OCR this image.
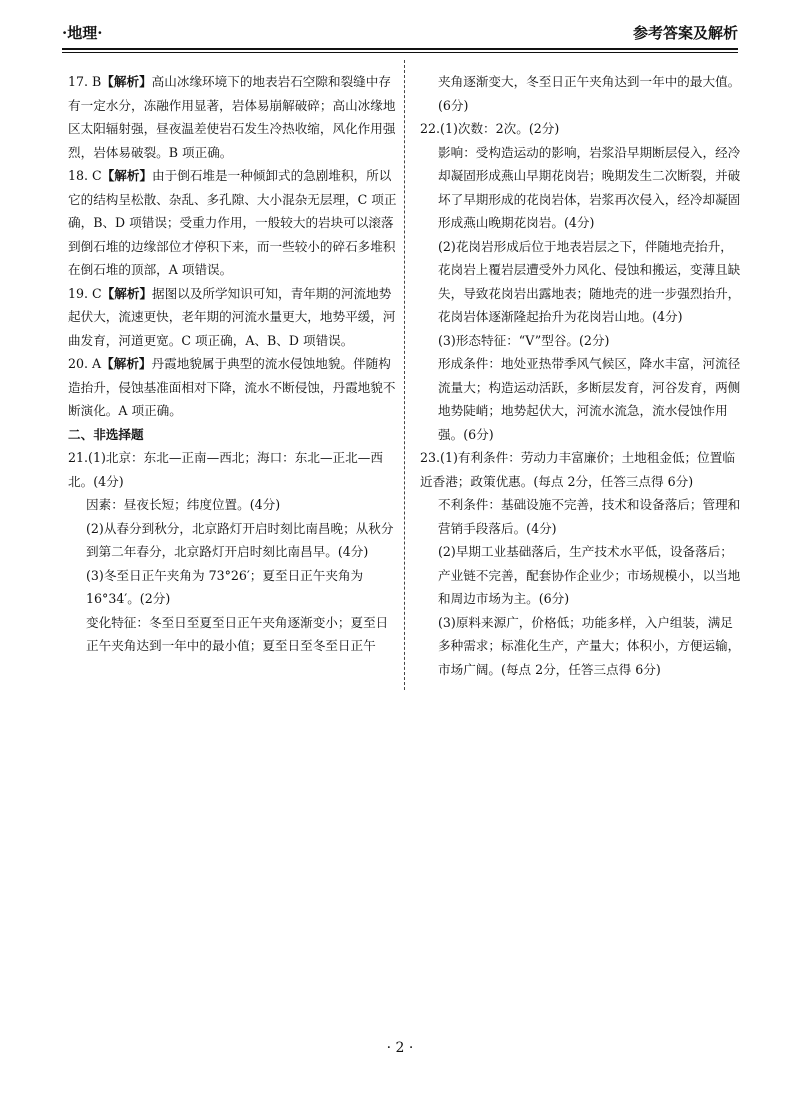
·地理·	参考答案及解析

17. B【解析】高山冰缘环境下的地表岩石空隙和裂缝中存有一定水分，冻融作用显著，岩体易崩解破碎；高山冰缘地区太阳辐射强，昼夜温差使岩石发生冷热收缩，风化作用强烈，岩体易破裂。B 项正确。

18. C【解析】由于倒石堆是一种倾卸式的急剧堆积，所以它的结构呈松散、杂乱、多孔隙、大小混杂无层理，C 项正确，B、D 项错误；受重力作用，一般较大的岩块可以滚落到倒石堆的边缘部位才停积下来，而一些较小的碎石多堆积在倒石堆的顶部，A 项错误。

19. C【解析】据图以及所学知识可知，青年期的河流地势起伏大，流速更快，老年期的河流水量更大，地势平缓，河曲发育，河道更宽。C 项正确，A、B、D 项错误。

20. A【解析】丹霞地貌属于典型的流水侵蚀地貌。伴随构造抬升，侵蚀基准面相对下降，流水不断侵蚀，丹霞地貌不断演化。A 项正确。

二、非选择题

21.(1)北京：东北—正南—西北；海口：东北—正北—西北。(4分)

因素：昼夜长短；纬度位置。(4分)
(2)从春分到秋分，北京路灯开启时刻比南昌晚；从秋分到第二年春分，北京路灯开启时刻比南昌早。(4分)
(3)冬至日正午夹角为 73°26′；夏至日正午夹角为 16°34′。(2分)
变化特征：冬至日至夏至日正午夹角逐渐变小；夏至日正午夹角达到一年中的最小值；夏至日至冬至日正午
夹角逐渐变大，冬至日正午夹角达到一年中的最大值。(6分)

22.(1)次数：2次。(2分)

影响：受构造运动的影响，岩浆沿早期断层侵入，经冷却凝固形成燕山早期花岗岩；晚期发生二次断裂，并破坏了早期形成的花岗岩体，岩浆再次侵入，经冷却凝固形成燕山晚期花岗岩。(4分)
(2)花岗岩形成后位于地表岩层之下，伴随地壳抬升，花岗岩上覆岩层遭受外力风化、侵蚀和搬运，变薄且缺失，导致花岗岩出露地表；随地壳的进一步强烈抬升，花岗岩体逐渐隆起抬升为花岗岩山地。(4分)
(3)形态特征：“V”型谷。(2分)
形成条件：地处亚热带季风气候区，降水丰富，河流径流量大；构造运动活跃，多断层发育，河谷发育，两侧地势陡峭；地势起伏大，河流水流急，流水侵蚀作用强。(6分)

23.(1)有利条件：劳动力丰富廉价；土地租金低；位置临近香港；政策优惠。(每点 2分，任答三点得 6分)

不利条件：基础设施不完善，技术和设备落后；管理和营销手段落后。(4分)
(2)早期工业基础落后，生产技术水平低，设备落后；产业链不完善，配套协作企业少；市场规模小，以当地和周边市场为主。(6分)
(3)原料来源广，价格低；功能多样，入户组装，满足多种需求；标准化生产，产量大；体积小，方便运输，市场广阔。(每点 2分，任答三点得 6分)
· 2 ·
